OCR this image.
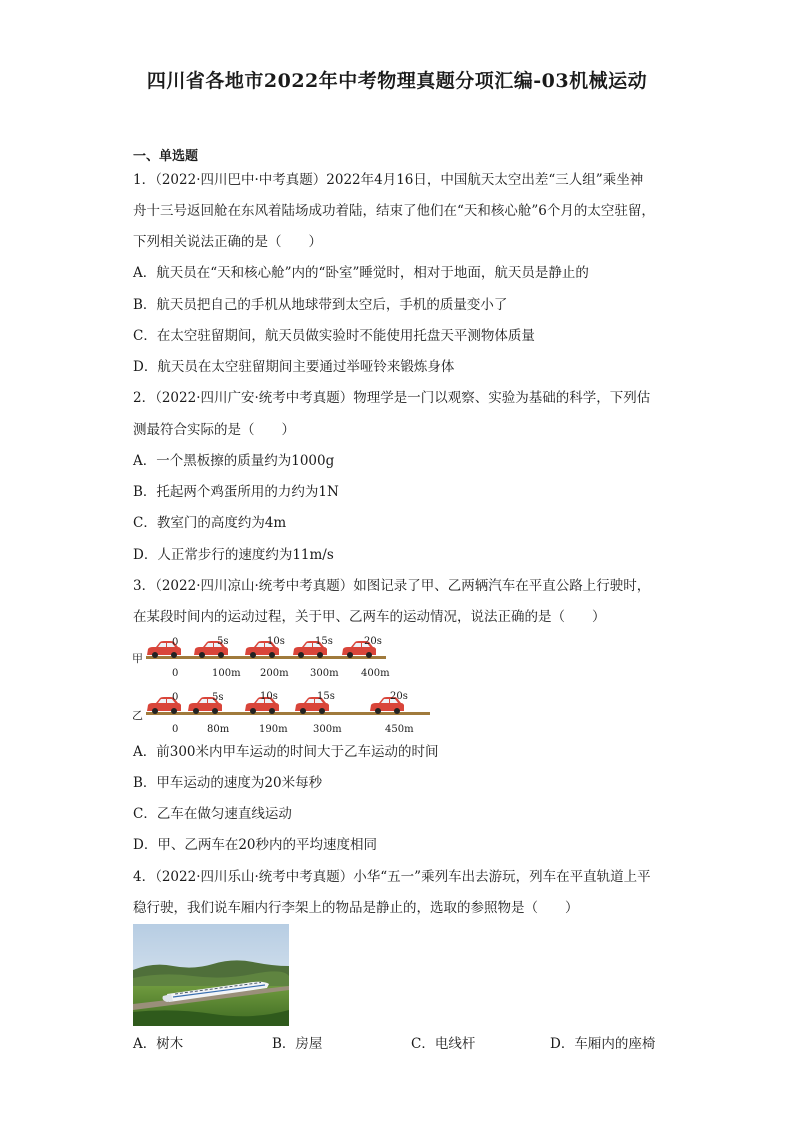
四川省各地市2022年中考物理真题分项汇编-03机械运动
一、单选题
1．（2022·四川巴中·中考真题）2022年4月16日，中国航天太空出差“三人组”乘坐神
舟十三号返回舱在东风着陆场成功着陆，结束了他们在“天和核心舱”6个月的太空驻留，
下列相关说法正确的是（　　）
A．航天员在“天和核心舱”内的“卧室”睡觉时，相对于地面，航天员是静止的
B．航天员把自己的手机从地球带到太空后，手机的质量变小了
C．在太空驻留期间，航天员做实验时不能使用托盘天平测物体质量
D．航天员在太空驻留期间主要通过举哑铃来锻炼身体
2．（2022·四川广安·统考中考真题）物理学是一门以观察、实验为基础的科学，下列估
测最符合实际的是（　　）
A．一个黑板擦的质量约为1000g
B．托起两个鸡蛋所用的力约为1N
C．教室门的高度约为4m
D．人正常步行的速度约为11m/s
3．（2022·四川凉山·统考中考真题）如图记录了甲、乙两辆汽车在平直公路上行驶时，
在某段时间内的运动过程，关于甲、乙两车的运动情况，说法正确的是（　　）
甲
0	5s	10s	15s	20s
0	100m 200m 300m 400m
乙
0	5s	10s	15s	20s
0	80m	190m	300m	450m
A．前300米内甲车运动的时间大于乙车运动的时间
B．甲车运动的速度为20米每秒
C．乙车在做匀速直线运动
D．甲、乙两车在20秒内的平均速度相同
4．（2022·四川乐山·统考中考真题）小华“五一”乘列车出去游玩，列车在平直轨道上平
稳行驶，我们说车厢内行李架上的物品是静止的，选取的参照物是（　　）
A．树木	B．房屋	C．电线杆	D．车厢内的座椅
